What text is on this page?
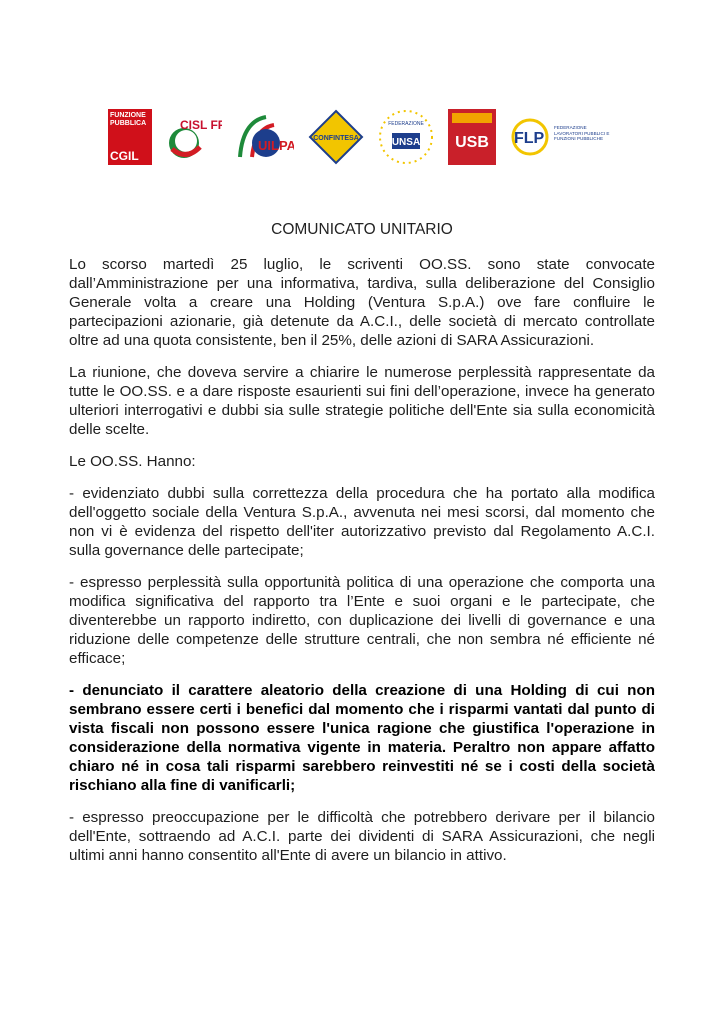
FUNZIONE PUBBLICA
CGIL
CISL FP
UILPA CONFINTESA
FEDERAZIONE
UNSA USB FLP
FEDERAZIONE LAVORATORI PUBBLICI E FUNZIONI PUBBLICHE
COMUNICATO UNITARIO

Lo scorso martedì 25 luglio, le scriventi OO.SS. sono state convocate dall’Amministrazione per una informativa, tardiva, sulla deliberazione del Consiglio Generale volta a creare una Holding (Ventura S.p.A.) ove fare confluire le partecipazioni azionarie, già detenute da A.C.I., delle società di mercato controllate oltre ad una quota consistente, ben il 25%, delle azioni di SARA Assicurazioni.

La riunione, che doveva servire a chiarire le numerose perplessità rappresentate da tutte le OO.SS. e a dare risposte esaurienti sui fini dell’operazione, invece ha generato ulteriori interrogativi e dubbi sia sulle strategie politiche dell'Ente sia sulla economicità delle scelte.

Le OO.SS. Hanno:

- evidenziato dubbi sulla correttezza della procedura che ha portato alla modifica dell'oggetto sociale della Ventura S.p.A., avvenuta nei mesi scorsi, dal momento che non vi è evidenza del rispetto dell'iter autorizzativo previsto dal Regolamento A.C.I. sulla governance delle partecipate;

- espresso perplessità sulla opportunità politica di una operazione che comporta una modifica significativa del rapporto tra l’Ente e suoi organi e le partecipate, che diventerebbe un rapporto indiretto, con duplicazione dei livelli di governance e una riduzione delle competenze delle strutture centrali, che non sembra né efficiente né efficace;

- denunciato il carattere aleatorio della creazione di una Holding di cui non sembrano essere certi i benefici dal momento che i risparmi vantati dal punto di vista fiscali non possono essere l'unica ragione che giustifica l'operazione in considerazione della normativa vigente in materia. Peraltro non appare affatto chiaro né in cosa tali risparmi sarebbero reinvestiti né se i costi della società rischiano alla fine di vanificarli;

- espresso preoccupazione per le difficoltà che potrebbero derivare per il bilancio dell'Ente, sottraendo ad A.C.I. parte dei dividenti di SARA Assicurazioni, che negli ultimi anni hanno consentito all'Ente di avere un bilancio in attivo.
